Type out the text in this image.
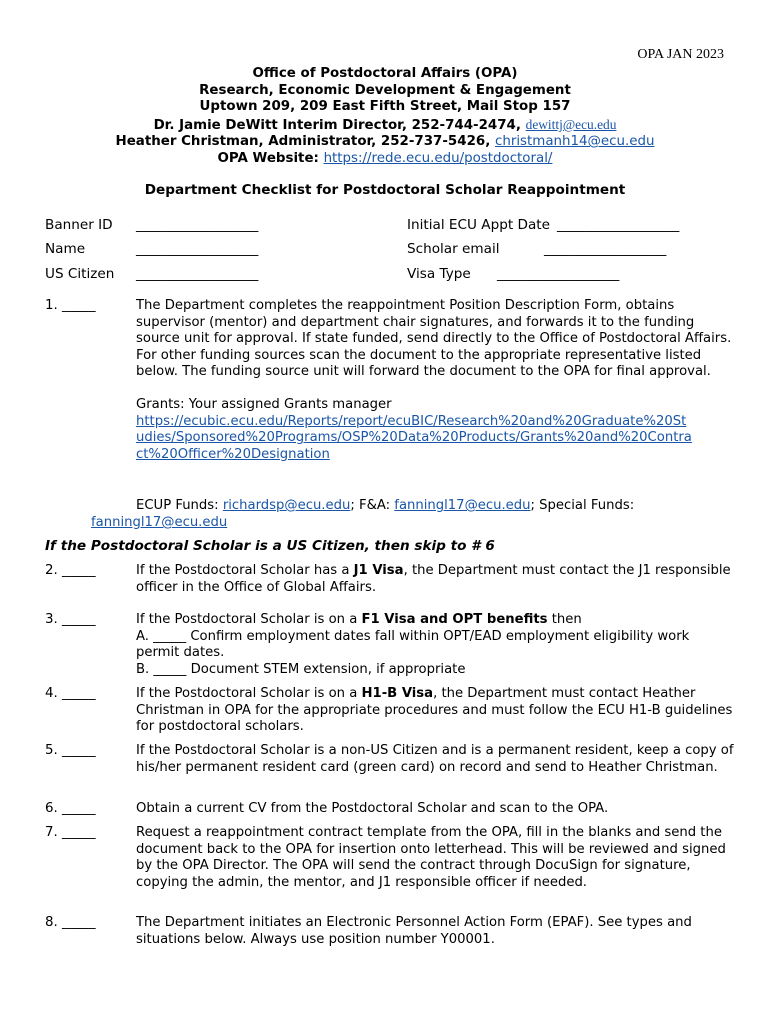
OPA JAN 2023
Office of Postdoctoral Affairs (OPA)
Research, Economic Development & Engagement
Uptown 209, 209 East Fifth Street, Mail Stop 157
Dr. Jamie DeWitt Interim Director, 252-744-2474, dewittj@ecu.edu
Heather Christman, Administrator, 252-737-5426, christmanh14@ecu.edu
OPA Website: https://rede.ecu.edu/postdoctoral/
Department Checklist for Postdoctoral Scholar Reappointment
Banner ID __________________
Name	__________________
US Citizen __________________
Initial ECU Appt Date __________________
Scholar email	__________________
Visa Type __________________
1. _____	The Department completes the reappointment Position Description Form, obtains supervisor (mentor) and department chair signatures, and forwards it to the funding source unit for approval. If state funded, send directly to the Office of Postdoctoral Affairs. For other funding sources scan the document to the appropriate representative listed below. The funding source unit will forward the document to the OPA for final approval.

Grants: Your assigned Grants manager

https://ecubic.ecu.edu/Reports/report/ecuBIC/Research%20and%20Graduate%20Studies/Sponsored%20Programs/OSP%20Data%20Products/Grants%20and%20Contract%20Officer%20Designation

ECUP Funds: richardsp@ecu.edu; F&A: fanningl17@ecu.edu; Special Funds:
fanningl17@ecu.edu
If the Postdoctoral Scholar is a US Citizen, then skip to # 6
2. _____	If the Postdoctoral Scholar has a J1 Visa, the Department must contact the J1 responsible officer in the Office of Global Affairs.
3. _____	If the Postdoctoral Scholar is on a F1 Visa and OPT benefits then

A. _____ Confirm employment dates fall within OPT/EAD employment eligibility work permit dates.

B. _____ Document STEM extension, if appropriate

4. _____	If the Postdoctoral Scholar is on a H1-B Visa, the Department must contact Heather Christman in OPA for the appropriate procedures and must follow the ECU H1-B guidelines for postdoctoral scholars.
5. _____	If the Postdoctoral Scholar is a non-US Citizen and is a permanent resident, keep a copy of his/her permanent resident card (green card) on record and send to Heather Christman.
6. _____	Obtain a current CV from the Postdoctoral Scholar and scan to the OPA.
7. _____	Request a reappointment contract template from the OPA, fill in the blanks and send the document back to the OPA for insertion onto letterhead. This will be reviewed and signed by the OPA Director. The OPA will send the contract through DocuSign for signature, copying the admin, the mentor, and J1 responsible officer if needed.
8. _____	The Department initiates an Electronic Personnel Action Form (EPAF). See types and situations below. Always use position number Y00001.
